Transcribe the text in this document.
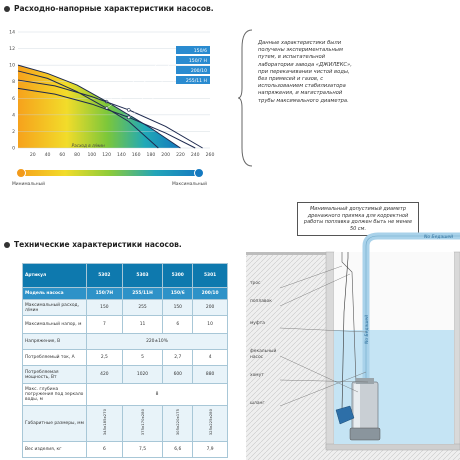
Расходно-напорные характеристики насосов.
0
2
4
6
8
10
12
14
20 40 60 80 100 120 140 160 180 200 220 240 260
Расход в л/мин
150/6
150/7 Н
200/10
255/11 Н
Минимальный	Максимальный
Данные характеристики были получены экспериментальным путем, в испытательной лаборатории завода «ДЖИЛЕКС», при перекачивании чистой воды, без примесей и газов, с использованием стабилизатора напряжения, и магистральной трубы максимального диаметра.
Технические характеристики насосов.
Артикул	5302	5303	5300	5301
Модель насоса	150/7Н	255/11Н	150/6	200/10
Максимальный расход, л/мин	150	255	150	200
Максимальный напор, м	7	11	6	10
Напряжение, В	220±10%			
Потребляемый ток, А	2,5	5	2,7	4
Потребляемая мощность, Вт	420	1020	600	880
Макс. глубина погружения под зеркало воды, м	8			
Габаритные размеры, мм	345х185х270	375х170х280	305х220х175	325х225х280
Вес изделия, кг	6	7,5	6,6	7,9
Минимальный допустимый диаметр дренажного приямка для корректной работы поплавка должен быть не менее 50 см.
No Бедашей
No Бедашей
трос
поплавок
муфта
фекальный насос
хомут
шланг
